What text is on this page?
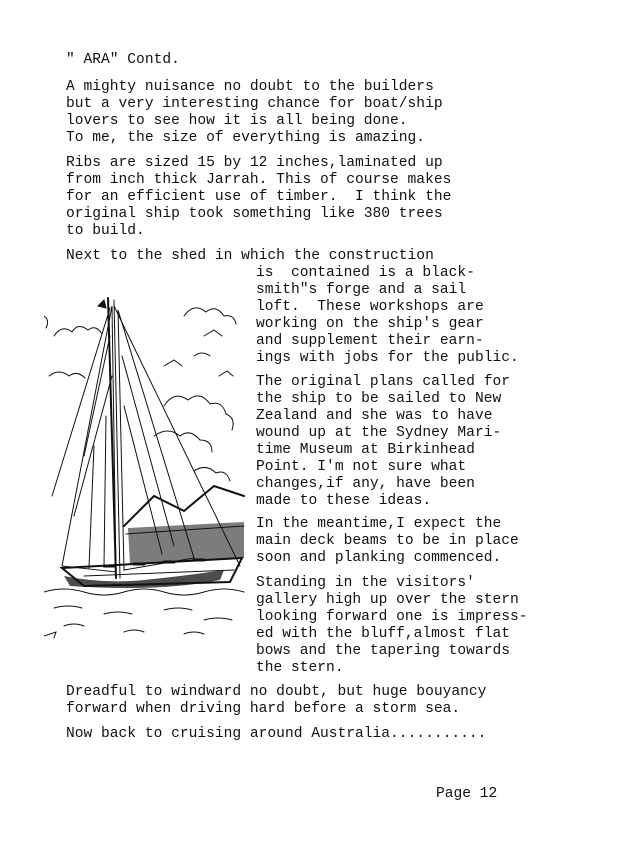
" ARA" Contd.
A mighty nuisance no doubt to the builders
but a very interesting chance for boat/ship
lovers to see how it is all being done.
To me, the size of everything is amazing.
Ribs are sized 15 by 12 inches,laminated up
from inch thick Jarrah. This of course makes
for an efficient use of timber.  I think the
original ship took something like 380 trees
to build.
Next to the shed in which the construction
is  contained is a black-
smith"s forge and a sail
loft.  These workshops are
working on the ship's gear
and supplement their earn-
ings with jobs for the public.
The original plans called for
the ship to be sailed to New
Zealand and she was to have
wound up at the Sydney Mari-
time Museum at Birkinhead
Point. I'm not sure what
changes,if any, have been
made to these ideas.
In the meantime,I expect the
main deck beams to be in place
soon and planking commenced.
Standing in the visitors'
gallery high up over the stern
looking forward one is impress-
ed with the bluff,almost flat
bows and the tapering towards
the stern.
Dreadful to windward no doubt, but huge bouyancy
forward when driving hard before a storm sea.
Now back to cruising around Australia...........
Page 12
